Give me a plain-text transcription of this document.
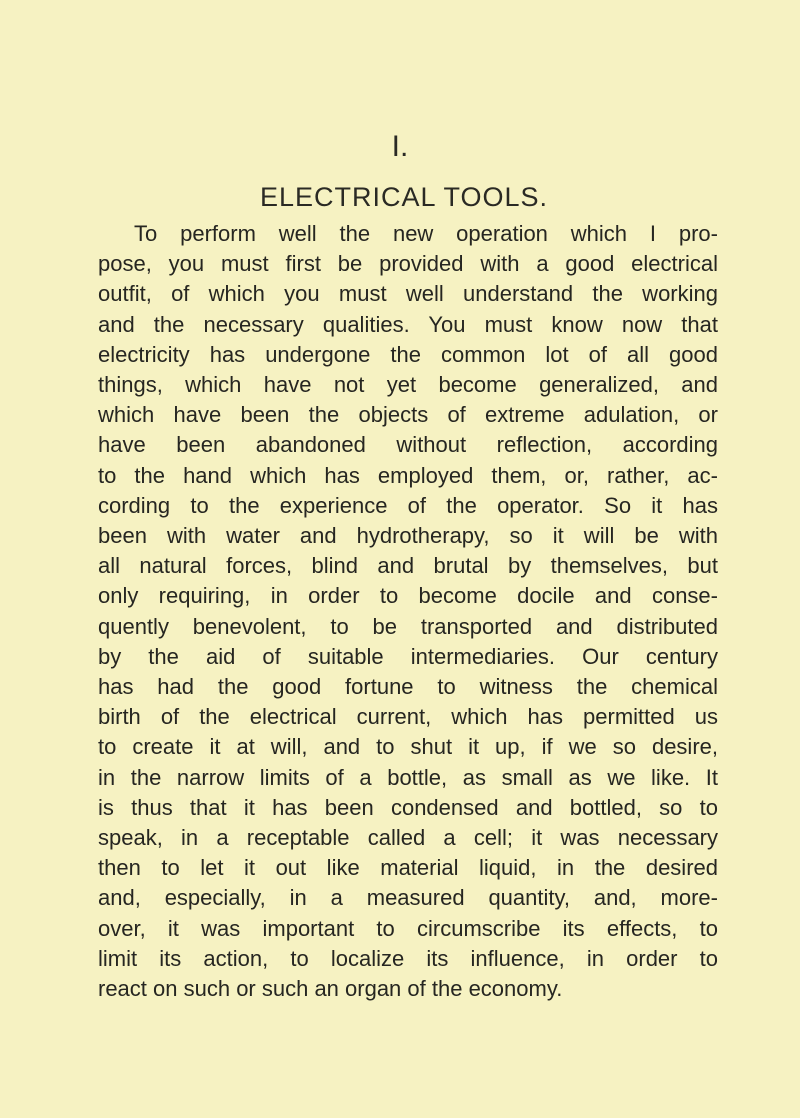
I.
ELECTRICAL TOOLS.
To perform well the new operation which I pro-
pose, you must first be provided with a good electrical
outfit, of which you must well understand the working
and the necessary qualities. You must know now that
electricity has undergone the common lot of all good
things, which have not yet become generalized, and
which have been the objects of extreme adulation, or
have been abandoned without reflection, according
to the hand which has employed them, or, rather, ac-
cording to the experience of the operator. So it has
been with water and hydrotherapy, so it will be with
all natural forces, blind and brutal by themselves, but
only requiring, in order to become docile and conse-
quently benevolent, to be transported and distributed
by the aid of suitable intermediaries. Our century
has had the good fortune to witness the chemical
birth of the electrical current, which has permitted us
to create it at will, and to shut it up, if we so desire,
in the narrow limits of a bottle, as small as we like. It
is thus that it has been condensed and bottled, so to
speak, in a receptable called a cell; it was necessary
then to let it out like material liquid, in the desired
and, especially, in a measured quantity, and, more-
over, it was important to circumscribe its effects, to
limit its action, to localize its influence, in order to
react on such or such an organ of the economy.
